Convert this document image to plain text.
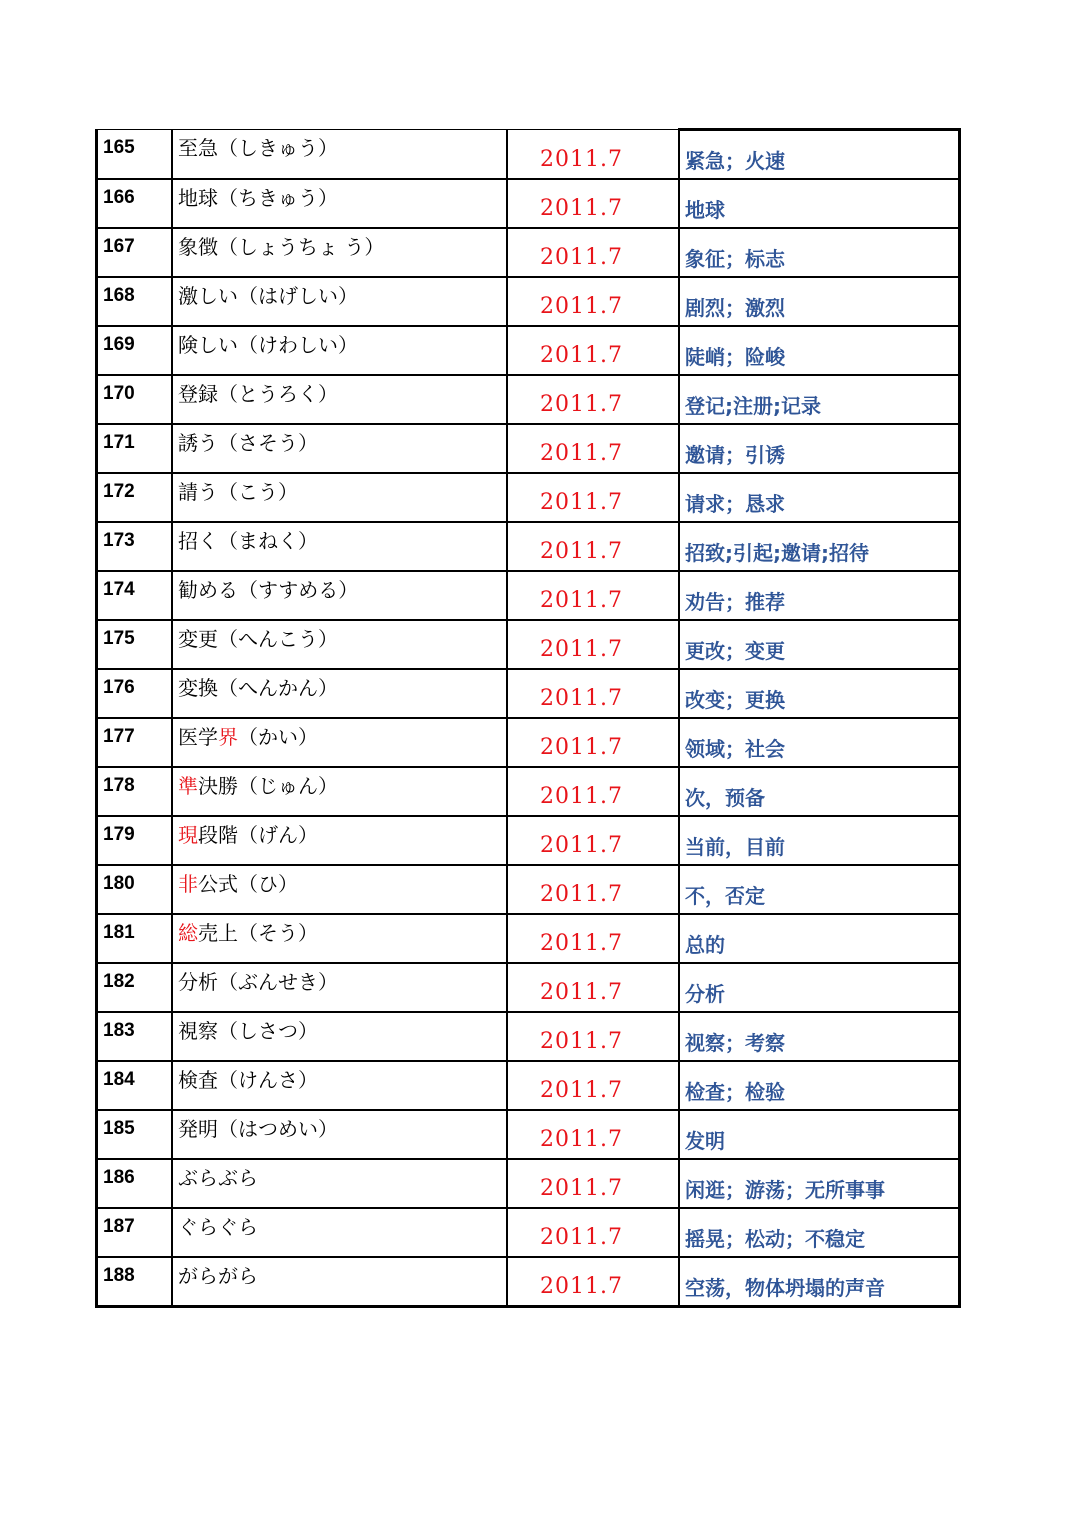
165	至急（しきゅう）	2011.7	紧急；火速
166	地球（ちきゅう）	2011.7	地球
167	象徴（しょうちょ う）	2011.7	象征；标志
168	激しい（はげしい）	2011.7	剧烈；激烈
169	険しい（けわしい）	2011.7	陡峭；险峻
170	登録（とうろく）	2011.7	登记;注册;记录
171	誘う（さそう）	2011.7	邀请；引诱
172	請う（こう）	2011.7	请求；恳求
173	招く（まねく）	2011.7	招致;引起;邀请;招待
174	勧める（すすめる）	2011.7	劝告；推荐
175	変更（へんこう）	2011.7	更改；变更
176	変換（へんかん）	2011.7	改变；更换
177	医学界（かい）	2011.7	领域；社会
178	準決勝（じゅん）	2011.7	次，预备
179	現段階（げん）	2011.7	当前，目前
180	非公式（ひ）	2011.7	不，否定
181	総売上（そう）	2011.7	总的
182	分析（ぶんせき）	2011.7	分析
183	視察（しさつ）	2011.7	视察；考察
184	検査（けんさ）	2011.7	检查；检验
185	発明（はつめい）	2011.7	发明
186	ぶらぶら	2011.7	闲逛；游荡；无所事事
187	ぐらぐら	2011.7	摇晃；松动；不稳定
188	がらがら	2011.7	空荡，物体坍塌的声音
